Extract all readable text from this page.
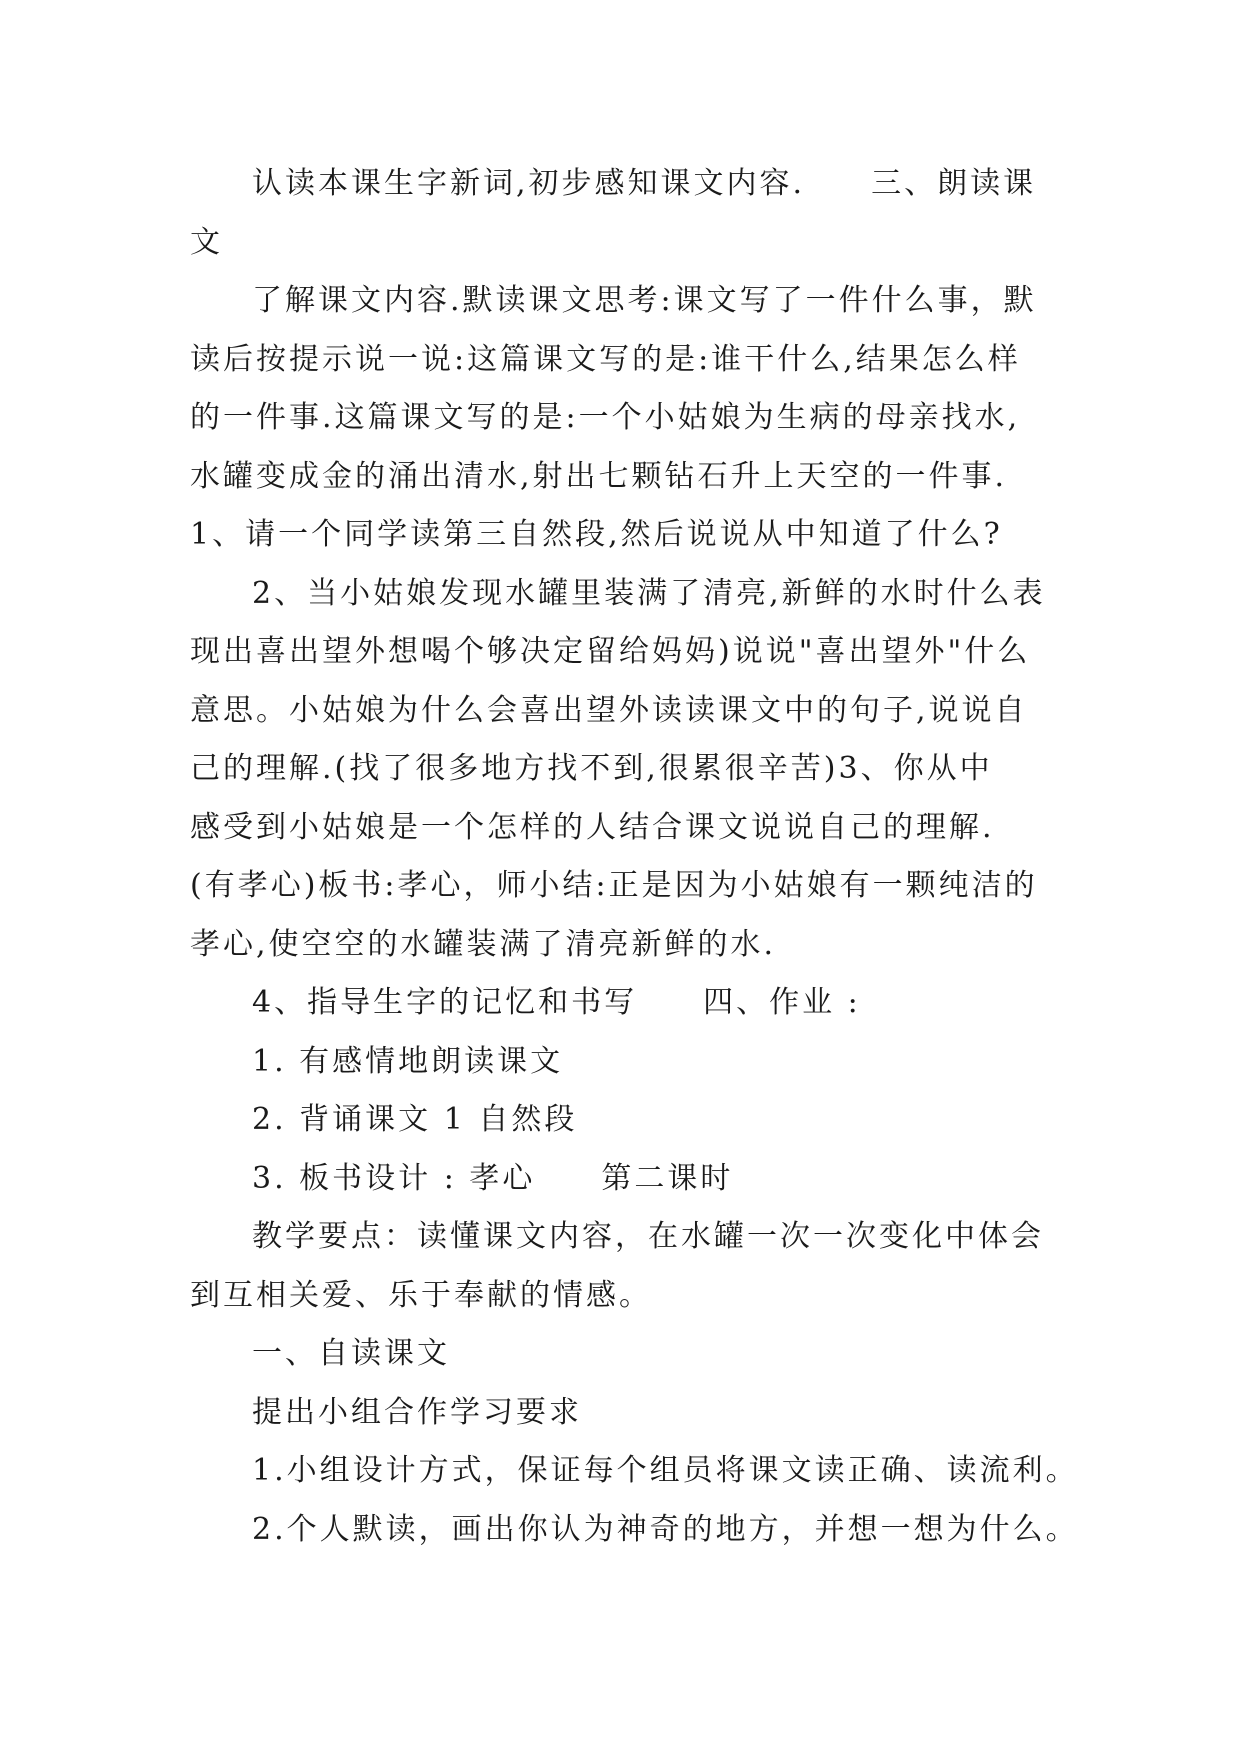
认读本课生字新词,初步感知课文内容.　　三、朗读课
文
了解课文内容.默读课文思考:课文写了一件什么事，默
读后按提示说一说:这篇课文写的是:谁干什么,结果怎么样
的一件事.这篇课文写的是:一个小姑娘为生病的母亲找水,
水罐变成金的涌出清水,射出七颗钻石升上天空的一件事.
1、请一个同学读第三自然段,然后说说从中知道了什么?
2、当小姑娘发现水罐里装满了清亮,新鲜的水时什么表
现出喜出望外想喝个够决定留给妈妈)说说"喜出望外"什么
意思。小姑娘为什么会喜出望外读读课文中的句子,说说自
己的理解.(找了很多地方找不到,很累很辛苦)3、你从中
感受到小姑娘是一个怎样的人结合课文说说自己的理解.
(有孝心)板书:孝心，师小结:正是因为小姑娘有一颗纯洁的
孝心,使空空的水罐装满了清亮新鲜的水.
4、指导生字的记忆和书写　　四、作业 :
1. 有感情地朗读课文
2. 背诵课文 1 自然段
3. 板书设计 : 孝心　　第二课时
教学要点：读懂课文内容，在水罐一次一次变化中体会
到互相关爱、乐于奉献的情感。
一、自读课文
提出小组合作学习要求
1.小组设计方式，保证每个组员将课文读正确、读流利。
2.个人默读，画出你认为神奇的地方，并想一想为什么。
